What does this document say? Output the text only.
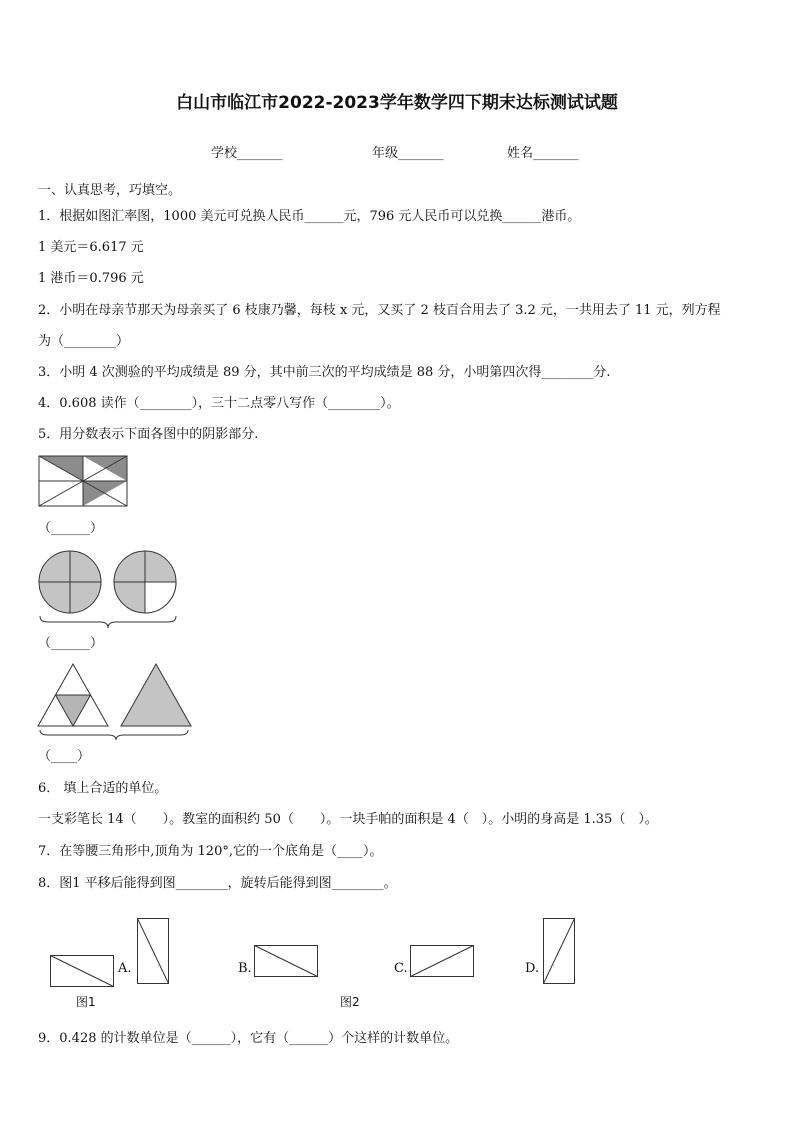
白山市临江市2022-2023学年数学四下期末达标测试试题
学校_______	年级_______	姓名_______
一、认真思考，巧填空。
1．根据如图汇率图，1000 美元可兑换人民币______元，796 元人民币可以兑换______港币。
1 美元＝6.617 元
1 港币＝0.796 元
2．小明在母亲节那天为母亲买了 6 枝康乃馨，每枝 x 元，又买了 2 枝百合用去了 3.2 元，一共用去了 11 元，列方程
为（________）
3．小明 4 次测验的平均成绩是 89 分，其中前三次的平均成绩是 88 分，小明第四次得________分.
4．0.608 读作（________），三十二点零八写作（________）。
5．用分数表示下面各图中的阴影部分.
（______）
（______）
（____）
6． 填上合适的单位。
一支彩笔长 14（　　）。教室的面积约 50（　　）。一块手帕的面积是 4（　）。小明的身高是 1.35（　）。
7．在等腰三角形中,顶角为 120°,它的一个底角是（____）。
8．图1 平移后能得到图________，旋转后能得到图________。
A.	B.	C.	D.
图1	图2
9．0.428 的计数单位是（______），它有（______）个这样的计数单位。
